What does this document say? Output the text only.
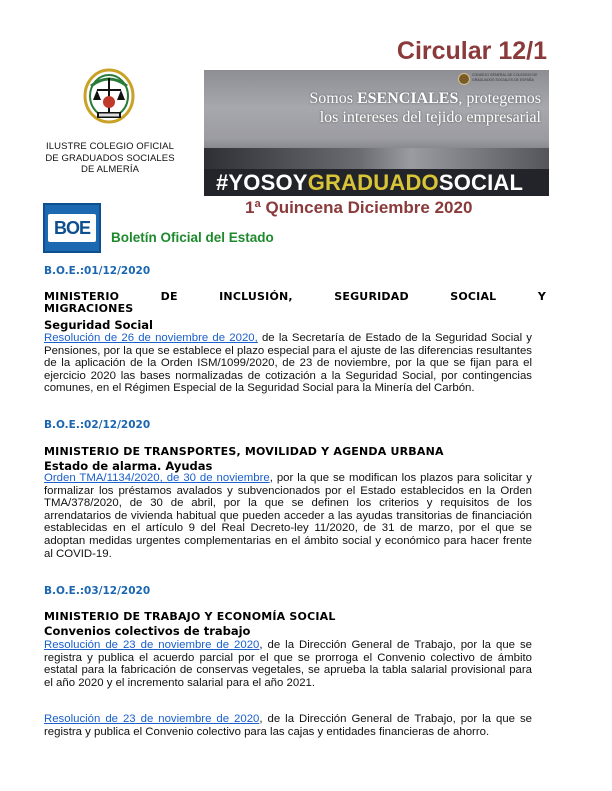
ILUSTRE COLEGIO OFICIAL
DE GRADUADOS SOCIALES
DE ALMERÍA
Circular 12/1
CONSEJO GENERAL DE COLEGIOS DE GRADUADOS SOCIALES DE ESPAÑA
Somos ESENCIALES, protegemos
los intereses del tejido empresarial
#YOSOYGRADUADOSOCIAL
1ª Quincena Diciembre 2020
BOE	Boletín Oficial del Estado
B.O.E.:01/12/2020
MINISTERIO DE INCLUSIÓN, SEGURIDAD SOCIAL Y
MIGRACIONES
Seguridad Social
Resolución de 26 de noviembre de 2020, de la Secretaría de Estado de la Seguridad Social y Pensiones, por la que se establece el plazo especial para el ajuste de las diferencias resultantes de la aplicación de la Orden ISM/1099/2020, de 23 de noviembre, por la que se fijan para el ejercicio 2020 las bases normalizadas de cotización a la Seguridad Social, por contingencias comunes, en el Régimen Especial de la Seguridad Social para la Minería del Carbón.
B.O.E.:02/12/2020
MINISTERIO DE TRANSPORTES, MOVILIDAD Y AGENDA URBANA
Estado de alarma. Ayudas
Orden TMA/1134/2020, de 30 de noviembre, por la que se modifican los plazos para solicitar y formalizar los préstamos avalados y subvencionados por el Estado establecidos en la Orden TMA/378/2020, de 30 de abril, por la que se definen los criterios y requisitos de los arrendatarios de vivienda habitual que pueden acceder a las ayudas transitorias de financiación establecidas en el artículo 9 del Real Decreto-ley 11/2020, de 31 de marzo, por el que se adoptan medidas urgentes complementarias en el ámbito social y económico para hacer frente al COVID-19.
B.O.E.:03/12/2020
MINISTERIO DE TRABAJO Y ECONOMÍA SOCIAL
Convenios colectivos de trabajo
Resolución de 23 de noviembre de 2020, de la Dirección General de Trabajo, por la que se registra y publica el acuerdo parcial por el que se prorroga el Convenio colectivo de ámbito estatal para la fabricación de conservas vegetales, se aprueba la tabla salarial provisional para el año 2020 y el incremento salarial para el año 2021.
Resolución de 23 de noviembre de 2020, de la Dirección General de Trabajo, por la que se registra y publica el Convenio colectivo para las cajas y entidades financieras de ahorro.
